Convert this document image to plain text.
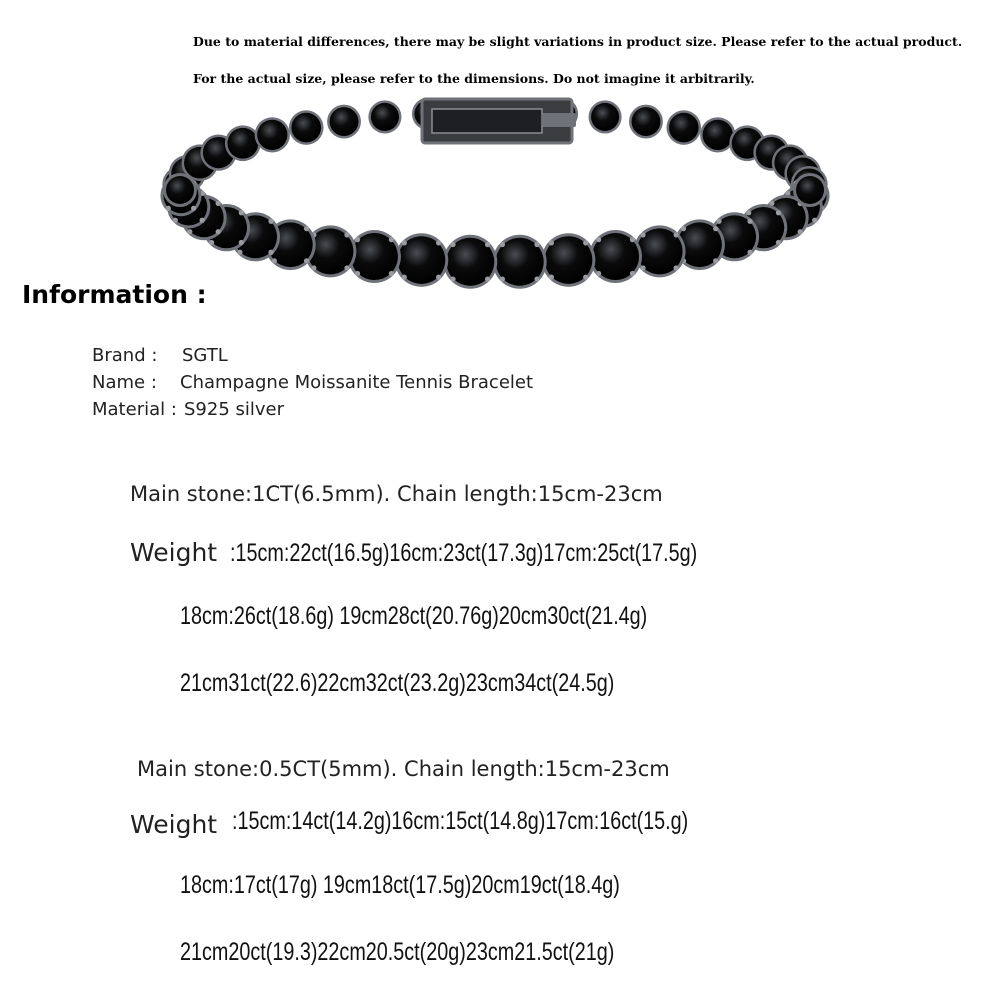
Due to material differences, there may be slight variations in product size. Please refer to the actual product.
For the actual size, please refer to the dimensions. Do not imagine it arbitrarily.
Information :
Brand : SGTL
Name : Champagne Moissanite Tennis Bracelet
Material : S925 silver
Main stone:1CT(6.5mm). Chain length:15cm-23cm
Weight :15cm:22ct(16.5g)16cm:23ct(17.3g)17cm:25ct(17.5g)
18cm:26ct(18.6g) 19cm28ct(20.76g)20cm30ct(21.4g)
21cm31ct(22.6)22cm32ct(23.2g)23cm34ct(24.5g)
Main stone:0.5CT(5mm). Chain length:15cm-23cm
Weight :15cm:14ct(14.2g)16cm:15ct(14.8g)17cm:16ct(15.g)
18cm:17ct(17g) 19cm18ct(17.5g)20cm19ct(18.4g)
21cm20ct(19.3)22cm20.5ct(20g)23cm21.5ct(21g)
